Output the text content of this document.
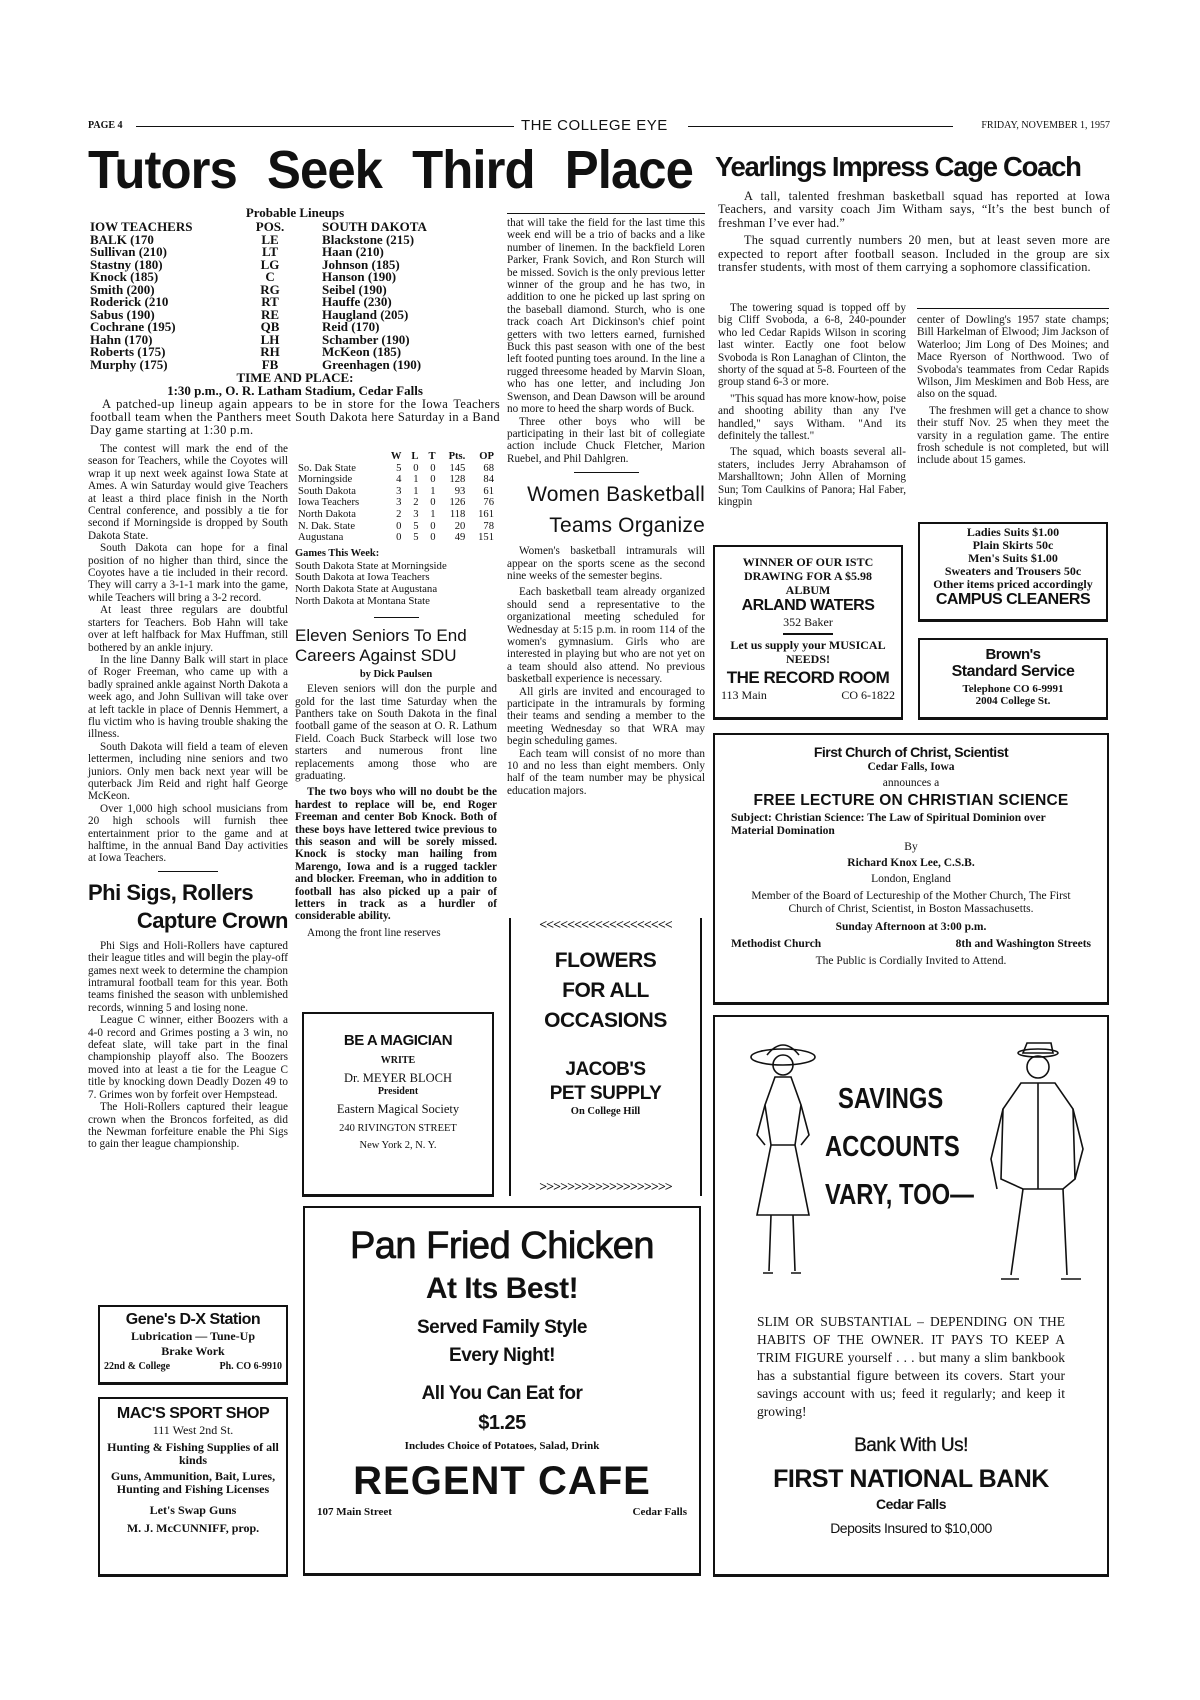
PAGE 4	THE COLLEGE EYE	FRIDAY, NOVEMBER 1, 1957
Tutors Seek Third Place
Probable Lineups
IOW TEACHERS	POS.	SOUTH DAKOTA
BALK (170	LE	Blackstone (215)
Sullivan (210)	LT	Haan (210)
Stastny (180)	LG	Johnson (185)
Knock (185)	C	Hanson (190)
Smith (200)	RG	Seibel (190)
Roderick (210	RT	Hauffe (230)
Sabus (190)	RE	Haugland (205)
Cochrane (195)	QB	Reid (170)
Hahn (170)	LH	Schamber (190)
Roberts (175)	RH	McKeon (185)
Murphy (175)	FB	Greenhagen (190)
TIME AND PLACE:
1:30 p.m., O. R. Latham Stadium, Cedar Falls

A patched-up lineup again appears to be in store for the Iowa Teachers football team when the Panthers meet South Dakota here Saturday in a Band Day game starting at 1:30 p.m.

The contest will mark the end of the season for Teachers, while the Coyotes will wrap it up next week against Iowa State at Ames. A win Saturday would give Teachers at least a third place finish in the North Central conference, and possibly a tie for second if Morningside is dropped by South Dakota State.

South Dakota can hope for a final position of no higher than third, since the Coyotes have a tie included in their record. They will carry a 3-1-1 mark into the game, while Teachers will bring a 3-2 record.

At least three regulars are doubtful starters for Teachers. Bob Hahn will take over at left halfback for Max Huffman, still bothered by an ankle injury.

In the line Danny Balk will start in place of Roger Freeman, who came up with a badly sprained ankle against North Dakota a week ago, and John Sullivan will take over at left tackle in place of Dennis Hemmert, a flu victim who is having trouble shaking the illness.

South Dakota will field a team of eleven lettermen, including nine seniors and two juniors. Only men back next year will be quterback Jim Reid and right half George McKeon.

Over 1,000 high school musicians from 20 high schools will furnish thee entertainment prior to the game and at halftime, in the annual Band Day activities at Iowa Teachers.

Phi Sigs, Rollers
Capture Crown

Phi Sigs and Holi-Rollers have captured their league titles and will begin the play-off games next week to determine the champion intramural football team for this year. Both teams finished the season with unblemished records, winning 5 and losing none.

League C winner, either Boozers with a 4-0 record and Grimes posting a 3 win, no defeat slate, will take part in the final championship playoff also. The Boozers moved into at least a tie for the League C title by knocking down Deadly Dozen 49 to 7. Grimes won by forfeit over Hempstead.

The Holi-Rollers captured their league crown when the Broncos forfeited, as did the Newman forfeiture enable the Phi Sigs to gain ther league championship.

Gene's D-X Station
Lubrication — Tune-Up
Brake Work
22nd & College	Ph. CO 6-9910
MAC'S SPORT SHOP
111 West 2nd St.
Hunting & Fishing Supplies of all kinds
Guns, Ammunition, Bait, Lures, Hunting and Fishing Licenses
Let's Swap Guns
M. J. McCUNNIFF, prop.
	W	L	T	Pts.	OP
So. Dak State	5	0	0	145	68
Morningside	4	1	0	128	84
South Dakota	3	1	1	93	61
Iowa Teachers	3	2	0	126	76
North Dakota	2	3	1	118	161
N. Dak. State	0	5	0	20	78
Augustana	0	5	0	49	151
Games This Week:
South Dakota State at Morningside
South Dakota at Iowa Teachers
North Dakota State at Augustana
North Dakota at Montana State
Eleven Seniors To End Careers Against SDU
by Dick Paulsen

Eleven seniors will don the purple and gold for the last time Saturday when the Panthers take on South Dakota in the final football game of the season at O. R. Lathum Field. Coach Buck Starbeck will lose two starters and numerous front line replacements among those who are graduating.

The two boys who will no doubt be the hardest to replace will be, end Roger Freeman and center Bob Knock. Both of these boys have lettered twice previous to this season and will be sorely missed. Knock is stocky man hailing from Marengo, Iowa and is a rugged tackler and blocker. Freeman, who in addition to football has also picked up a pair of letters in track as a hurdler of considerable ability.

Among the front line reserves

BE A MAGICIAN
WRITE
Dr. MEYER BLOCH
President
Eastern Magical Society
240 RIVINGTON STREET
New York 2, N. Y.

that will take the field for the last time this week end will be a trio of backs and a like number of linemen. In the backfield Loren Parker, Frank Sovich, and Ron Sturch will be missed. Sovich is the only previous letter winner of the group and he has two, in addition to one he picked up last spring on the baseball diamond. Sturch, who is one track coach Art Dickinson's chief point getters with two letters earned, furnished Buck this past season with one of the best left footed punting toes around. In the line a rugged threesome headed by Marvin Sloan, who has one letter, and including Jon Swenson, and Dean Dawson will be around no more to heed the sharp words of Buck.

Three other boys who will be participating in their last bit of collegiate action include Chuck Fletcher, Marion Ruebel, and Phil Dahlgren.

Women Basketball Teams Organize

Women's basketball intramurals will appear on the sports scene as the second nine weeks of the semester begins.

Each basketball team already organized should send a representative to the organizational meeting scheduled for Wednesday at 5:15 p.m. in room 114 of the women's gymnasium. Girls who are interested in playing but who are not yet on a team should also attend. No previous basketball experience is necessary.

All girls are invited and encouraged to participate in the intramurals by forming their teams and sending a member to the meeting Wednesday so that WRA may begin scheduling games.

Each team will consist of no more than 10 and no less than eight members. Only half of the team number may be physical education majors.

<<<<<<<<<<<<<<<<<<<
FLOWERS
FOR ALL
OCCASIONS
JACOB'S
PET SUPPLY
On College Hill
>>>>>>>>>>>>>>>>>>>
Pan Fried Chicken
At Its Best!
Served Family Style
Every Night!
All You Can Eat for
$1.25
Includes Choice of Potatoes, Salad, Drink
REGENT CAFE
107 Main Street	Cedar Falls
Yearlings Impress Cage Coach

A tall, talented freshman basketball squad has reported at Iowa Teachers, and varsity coach Jim Witham says, “It’s the best bunch of freshman I’ve ever had.”

The squad currently numbers 20 men, but at least seven more are expected to report after football season. Included in the group are six transfer students, with most of them carrying a sophomore classification.

The towering squad is topped off by big Cliff Svoboda, a 6-8, 240-pounder who led Cedar Rapids Wilson in scoring last winter. Eactly one foot below Svoboda is Ron Lanaghan of Clinton, the shorty of the squad at 5-8. Fourteen of the group stand 6-3 or more.

"This squad has more know-how, poise and shooting ability than any I've handled," says Witham. "And its definitely the tallest."

The squad, which boasts several all-staters, includes Jerry Abrahamson of Marshalltown; John Allen of Morning Sun; Tom Caulkins of Panora; Hal Faber, kingpin

center of Dowling's 1957 state champs; Bill Harkelman of Elwood; Jim Jackson of Waterloo; Jim Long of Des Moines; and Mace Ryerson of Northwood. Two of Svoboda's teammates from Cedar Rapids Wilson, Jim Meskimen and Bob Hess, are also on the squad.

The freshmen will get a chance to show their stuff Nov. 25 when they meet the varsity in a regulation game. The entire frosh schedule is not completed, but will include about 15 games.

WINNER OF OUR ISTC DRAWING FOR A $5.98 ALBUM
ARLAND WATERS
352 Baker
Let us supply your MUSICAL NEEDS!
THE RECORD ROOM
113 Main	CO 6-1822
Ladies Suits $1.00
Plain Skirts 50c
Men's Suits $1.00
Sweaters and Trousers 50c
Other items priced accordingly
CAMPUS CLEANERS
Brown's
Standard Service
Telephone CO 6-9991
2004 College St.
First Church of Christ, Scientist
Cedar Falls, Iowa
announces a
FREE LECTURE ON CHRISTIAN SCIENCE
Subject: Christian Science: The Law of Spiritual Dominion over Material Domination
By
Richard Knox Lee, C.S.B.
London, England
Member of the Board of Lectureship of the Mother Church, The First Church of Christ, Scientist, in Boston Massachusetts.
Sunday Afternoon at 3:00 p.m.
Methodist Church	8th and Washington Streets
The Public is Cordially Invited to Attend.
SAVINGS
ACCOUNTS
VARY, TOO—
SLIM OR SUBSTANTIAL – DEPENDING ON THE HABITS OF THE OWNER. IT PAYS TO KEEP A TRIM FIGURE yourself . . . but many a slim bankbook has a substantial figure between its covers. Start your savings account with us; feed it regularly; and keep it growing!
Bank With Us!
FIRST NATIONAL BANK
Cedar Falls
Deposits Insured to $10,000
